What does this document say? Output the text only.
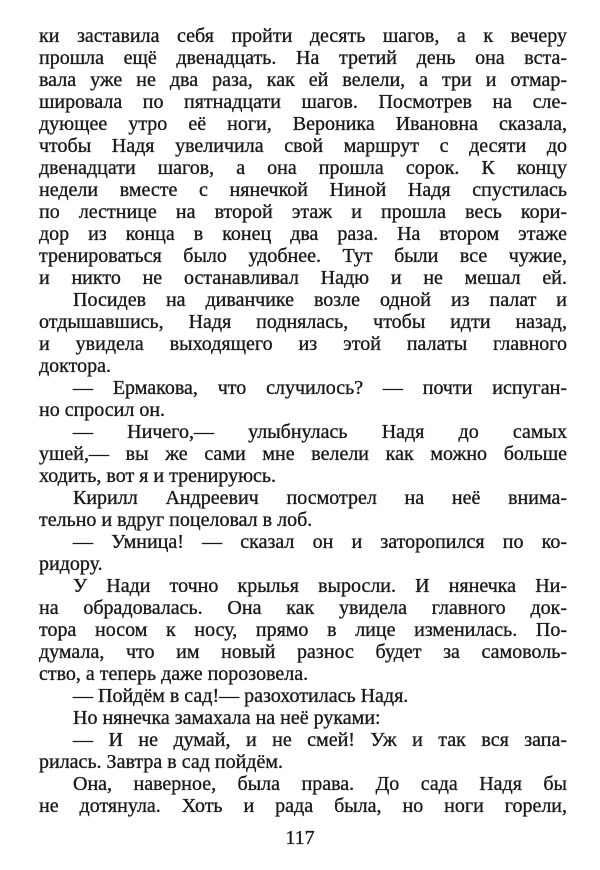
ки заставила себя пройти десять шагов, а к вечеру
прошла ещё двенадцать. На третий день она вста-
вала уже не два раза, как ей велели, а три и отмар-
шировала по пятнадцати шагов. Посмотрев на сле-
дующее утро её ноги, Вероника Ивановна сказала,
чтобы Надя увеличила свой маршрут с десяти до
двенадцати шагов, а она прошла сорок. К концу
недели вместе с нянечкой Ниной Надя спустилась
по лестнице на второй этаж и прошла весь кори-
дор из конца в конец два раза. На втором этаже
тренироваться было удобнее. Тут были все чужие,
и никто не останавливал Надю и не мешал ей.
Посидев на диванчике возле одной из палат и
отдышавшись, Надя поднялась, чтобы идти назад,
и увидела выходящего из этой палаты главного
доктора.
— Ермакова, что случилось? — почти испуган-
но спросил он.
— Ничего,— улыбнулась Надя до самых
ушей,— вы же сами мне велели как можно больше
ходить, вот я и тренируюсь.
Кирилл Андреевич посмотрел на неё внима-
тельно и вдруг поцеловал в лоб.
— Умница! — сказал он и заторопился по ко-
ридору.
У Нади точно крылья выросли. И нянечка Ни-
на обрадовалась. Она как увидела главного док-
тора носом к носу, прямо в лице изменилась. По-
думала, что им новый разнос будет за самоволь-
ство, а теперь даже порозовела.
— Пойдём в сад!— разохотилась Надя.
Но нянечка замахала на неё руками:
— И не думай, и не смей! Уж и так вся запа-
рилась. Завтра в сад пойдём.
Она, наверное, была права. До сада Надя бы
не дотянула. Хоть и рада была, но ноги горели,
117
